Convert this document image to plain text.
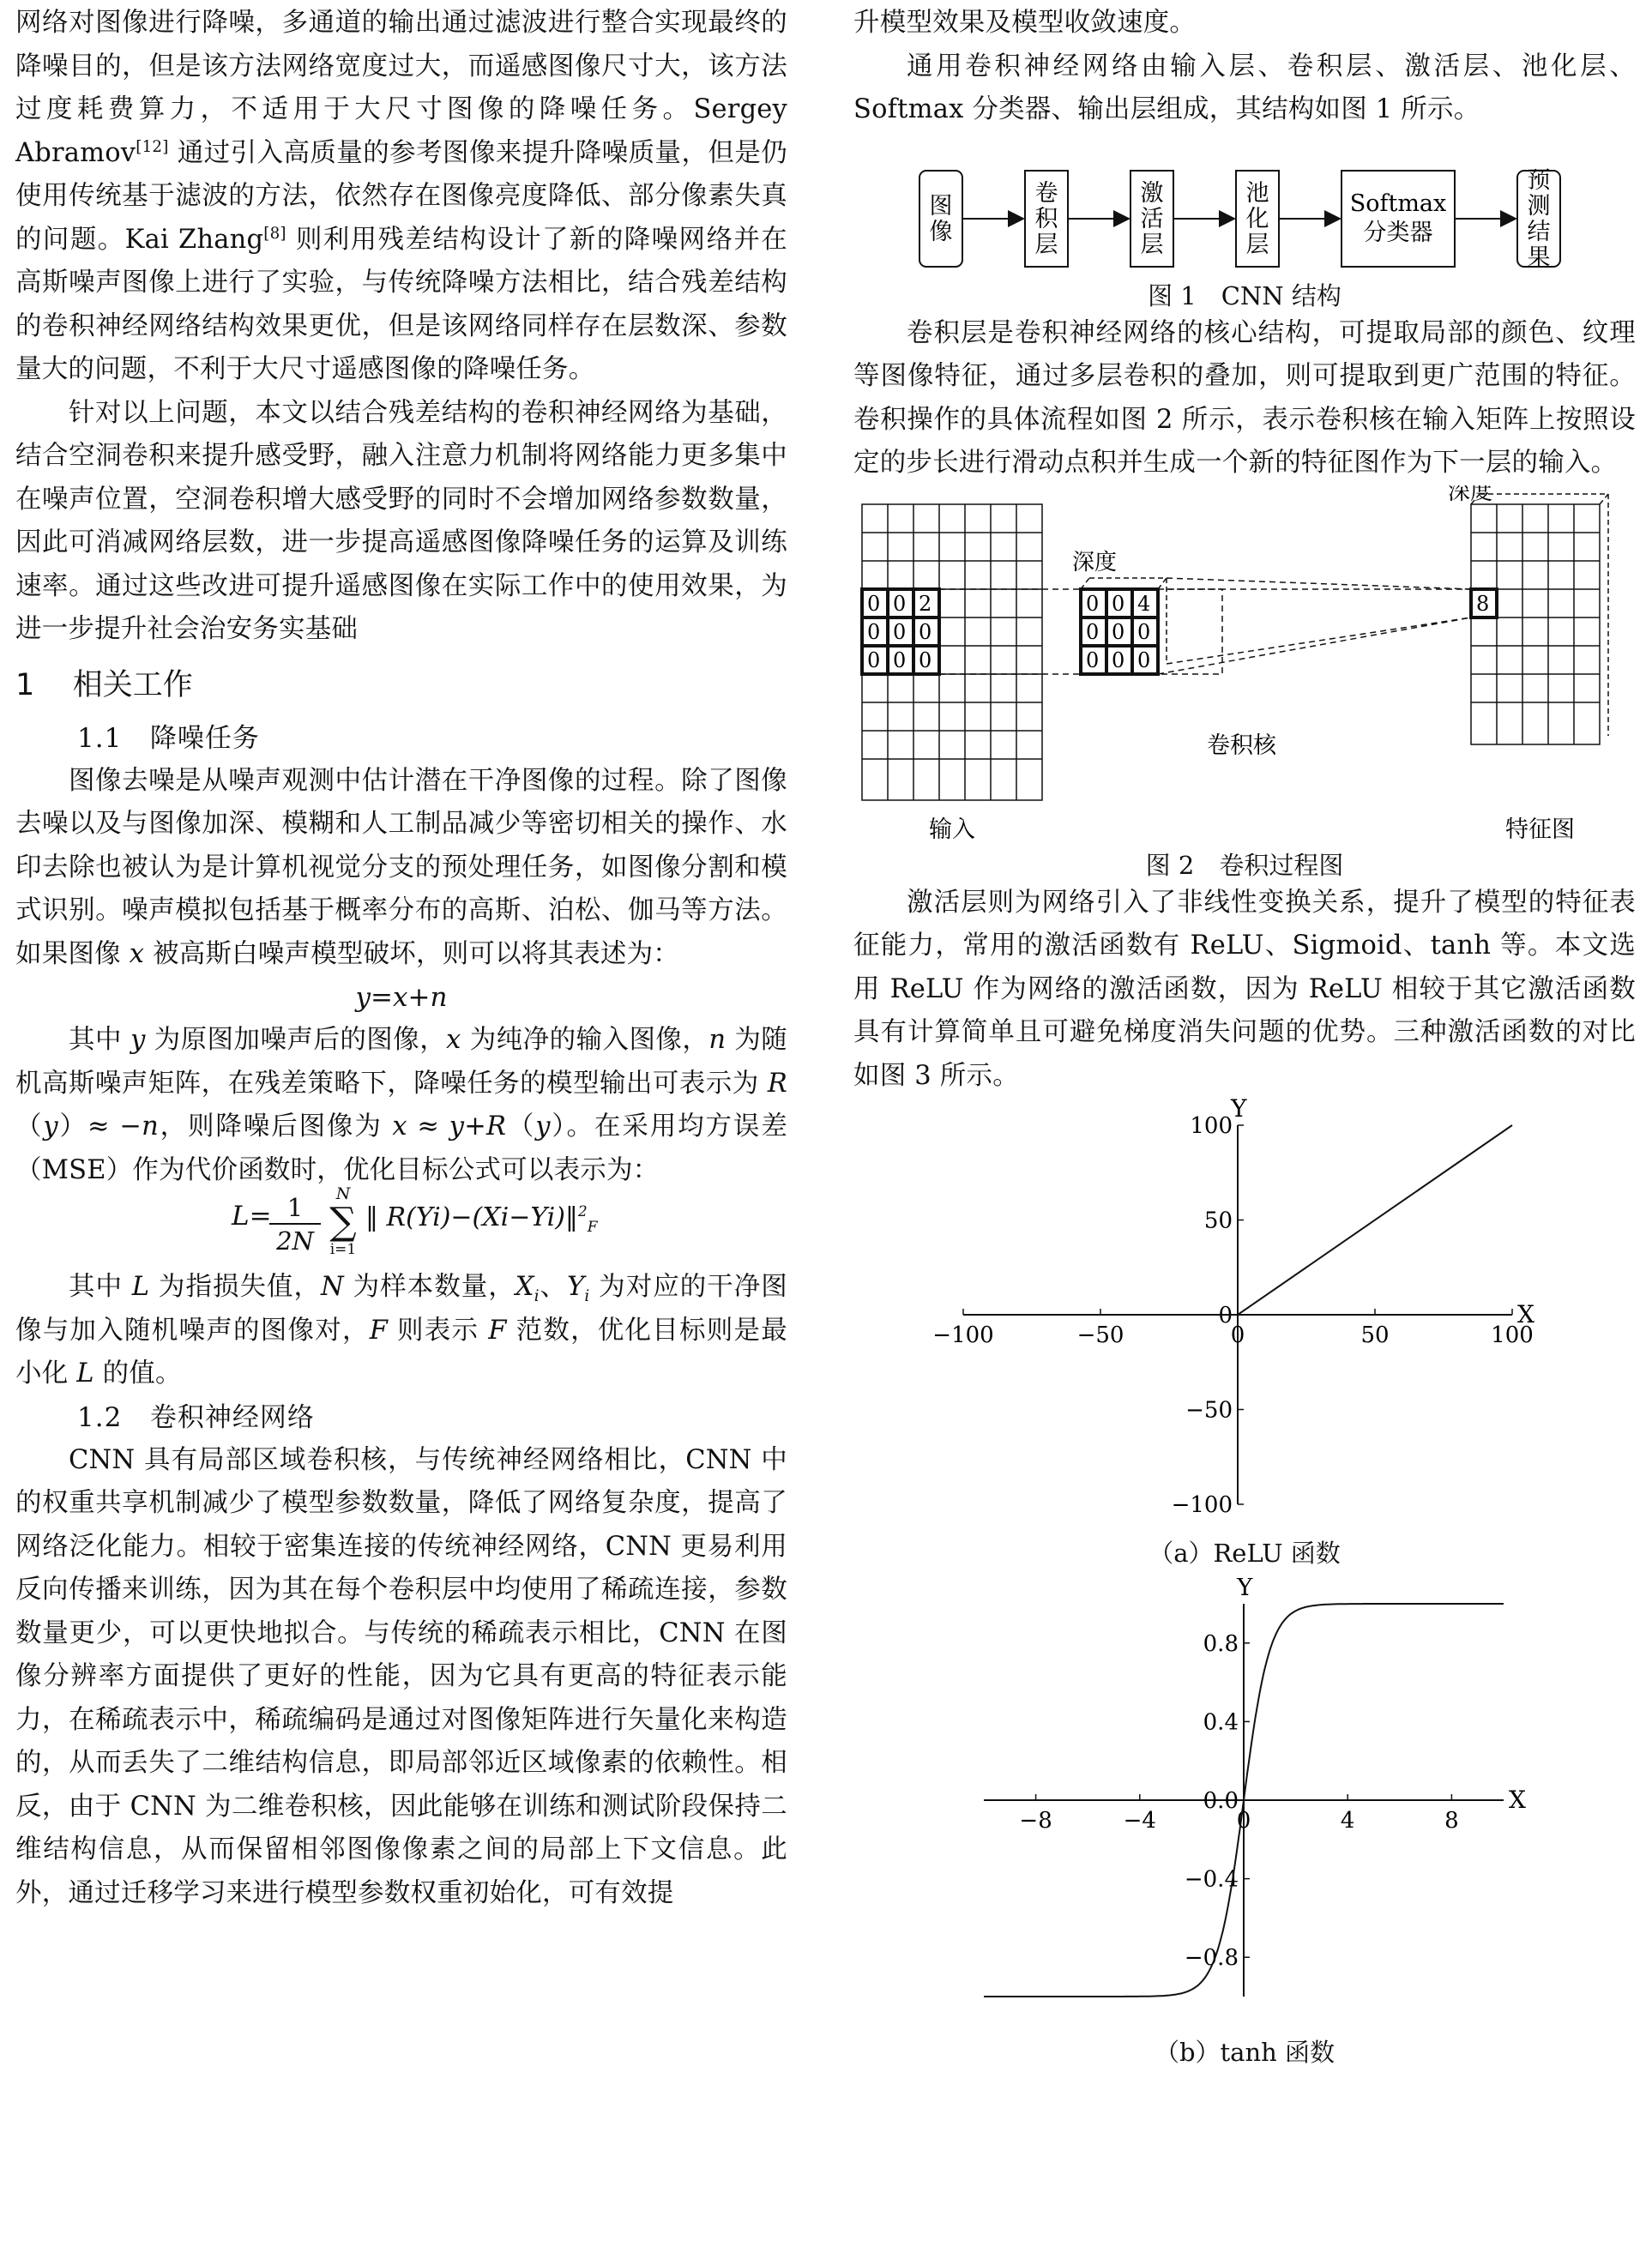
网络对图像进行降噪，多通道的输出通过滤波进行整合实现最终的降噪目的，但是该方法网络宽度过大，而遥感图像尺寸大，该方法过度耗费算力，不适用于大尺寸图像的降噪任务。Sergey Abramov[12] 通过引入高质量的参考图像来提升降噪质量，但是仍使用传统基于滤波的方法，依然存在图像亮度降低、部分像素失真的问题。Kai Zhang[8] 则利用残差结构设计了新的降噪网络并在高斯噪声图像上进行了实验，与传统降噪方法相比，结合残差结构的卷积神经网络结构效果更优，但是该网络同样存在层数深、参数量大的问题，不利于大尺寸遥感图像的降噪任务。

针对以上问题，本文以结合残差结构的卷积神经网络为基础，结合空洞卷积来提升感受野，融入注意力机制将网络能力更多集中在噪声位置，空洞卷积增大感受野的同时不会增加网络参数数量，因此可消减网络层数，进一步提高遥感图像降噪任务的运算及训练速率。通过这些改进可提升遥感图像在实际工作中的使用效果，为进一步提升社会治安务实基础

1 相关工作
1.1 降噪任务

图像去噪是从噪声观测中估计潜在干净图像的过程。除了图像去噪以及与图像加深、模糊和人工制品减少等密切相关的操作、水印去除也被认为是计算机视觉分支的预处理任务，如图像分割和模式识别。噪声模拟包括基于概率分布的高斯、泊松、伽马等方法。如果图像 x 被高斯白噪声模型破坏，则可以将其表述为：

y=x+n

其中 y 为原图加噪声后的图像，x 为纯净的输入图像，n 为随机高斯噪声矩阵，在残差策略下，降噪任务的模型输出可表示为 R（y）≈ −n，则降噪后图像为 x ≈ y+R（y）。在采用均方误差（MSE）作为代价函数时，优化目标公式可以表示为：

L=
$\frac{1}{2N}$ N
∑
i=1
‖ R(Yi)−(Xi−Yi)‖$^2_F$

其中 L 为指损失值，N 为样本数量，$X_i$、$Y_i$ 为对应的干净图像与加入随机噪声的图像对，F 则表示 F 范数，优化目标则是最小化 L 的值。

1.2 卷积神经网络

CNN 具有局部区域卷积核，与传统神经网络相比，CNN 中的权重共享机制减少了模型参数数量，降低了网络复杂度，提高了网络泛化能力。相较于密集连接的传统神经网络，CNN 更易利用反向传播来训练，因为其在每个卷积层中均使用了稀疏连接，参数数量更少，可以更快地拟合。与传统的稀疏表示相比，CNN 在图像分辨率方面提供了更好的性能，因为它具有更高的特征表示能力，在稀疏表示中，稀疏编码是通过对图像矩阵进行矢量化来构造的，从而丢失了二维结构信息，即局部邻近区域像素的依赖性。相反，由于 CNN 为二维卷积核，因此能够在训练和测试阶段保持二维结构信息，从而保留相邻图像像素之间的局部上下文信息。此外，通过迁移学习来进行模型参数权重初始化，可有效提

升模型效果及模型收敛速度。

通用卷积神经网络由输入层、卷积层、激活层、池化层、Softmax 分类器、输出层组成，其结构如图 1 所示。

图像
卷积层
激活层
池化层
Softmax 分类器
预测结果
图 1　CNN 结构

卷积层是卷积神经网络的核心结构，可提取局部的颜色、纹理等图像特征，通过多层卷积的叠加，则可提取到更广范围的特征。卷积操作的具体流程如图 2 所示，表示卷积核在输入矩阵上按照设定的步长进行滑动点积并生成一个新的特征图作为下一层的输入。

0 0 2
0 0 0
0 0 0
0 0 4
0 0 0
0 0 0
8
深度
深度
输入
卷积核
特征图
图 2　卷积过程图

激活层则为网络引入了非线性变换关系，提升了模型的特征表征能力，常用的激活函数有 ReLU、Sigmoid、tanh 等。本文选用 ReLU 作为网络的激活函数，因为 ReLU 相较于其它激活函数具有计算简单且可避免梯度消失问题的优势。三种激活函数的对比如图 3 所示。

X
Y
−100	−50	0	50	100
100
50
0
−50
−100
（a）ReLU 函数
X
Y
−8	−4	0	4	8
0.8
0.4
0.0
−0.4
−0.8
（b）tanh 函数
